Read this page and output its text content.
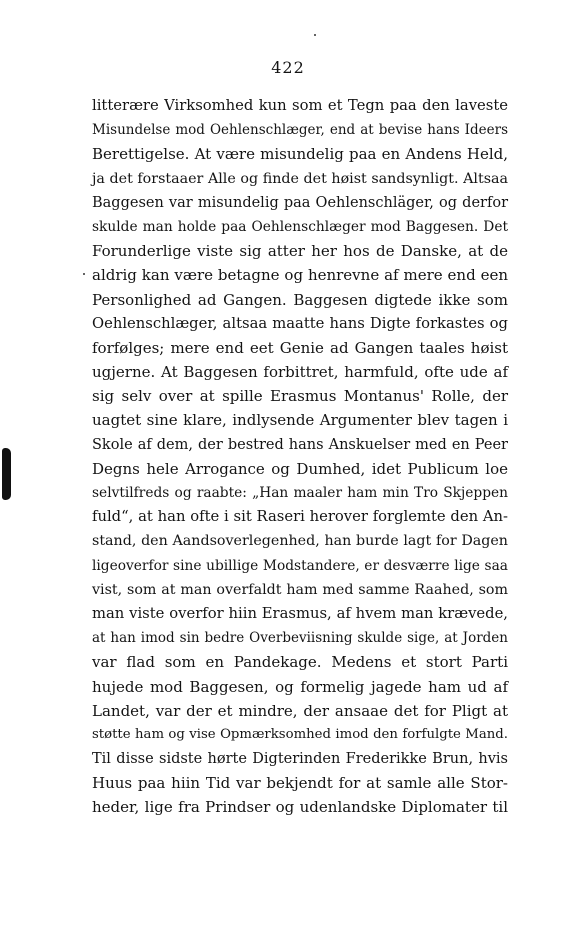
422
litterære Virksomhed kun som et Tegn paa den laveste
Misundelse mod Oehlenschlæger, end at bevise hans Ideers
Berettigelse. At være misundelig paa en Andens Held,
ja det forstaaer Alle og finde det høist sandsynligt. Altsaa
Baggesen var misundelig paa Oehlenschläger, og derfor
skulde man holde paa Oehlenschlæger mod Baggesen. Det
Forunderlige viste sig atter her hos de Danske, at de
aldrig kan være betagne og henrevne af mere end een
Personlighed ad Gangen. Baggesen digtede ikke som
Oehlenschlæger, altsaa maatte hans Digte forkastes og
forfølges; mere end eet Genie ad Gangen taales høist
ugjerne. At Baggesen forbittret, harmfuld, ofte ude af
sig selv over at spille Erasmus Montanus' Rolle, der
uagtet sine klare, indlysende Argumenter blev tagen i
Skole af dem, der bestred hans Anskuelser med en Peer
Degns hele Arrogance og Dumhed, idet Publicum loe
selvtilfreds og raabte: „Han maaler ham min Tro Skjeppen
fuld“, at han ofte i sit Raseri herover forglemte den An-
stand, den Aandsoverlegenhed, han burde lagt for Dagen
ligeoverfor sine ubillige Modstandere, er desværre lige saa
vist, som at man overfaldt ham med samme Raahed, som
man viste overfor hiin Erasmus, af hvem man krævede,
at han imod sin bedre Overbeviisning skulde sige, at Jorden
var flad som en Pandekage. Medens et stort Parti
hujede mod Baggesen, og formelig jagede ham ud af
Landet, var der et mindre, der ansaae det for Pligt at
støtte ham og vise Opmærksomhed imod den forfulgte Mand.
Til disse sidste hørte Digterinden Frederikke Brun, hvis
Huus paa hiin Tid var bekjendt for at samle alle Stor-
heder, lige fra Prindser og udenlandske Diplomater til
